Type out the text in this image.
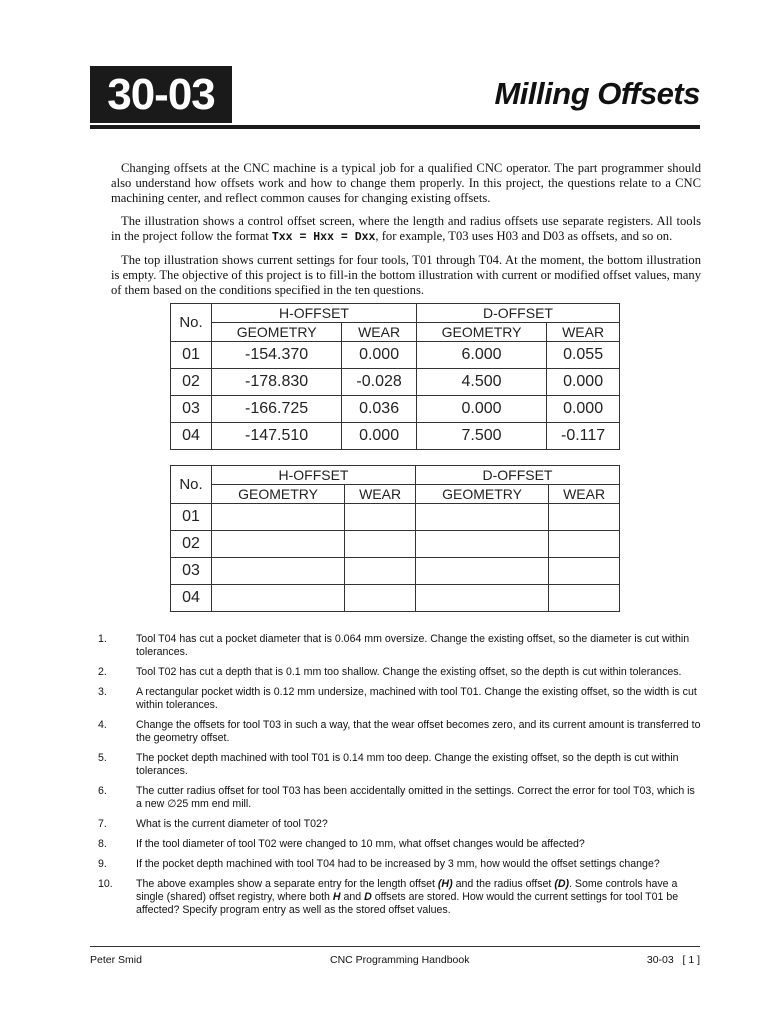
30-03	Milling Offsets

Changing offsets at the CNC machine is a typical job for a qualified CNC operator. The part programmer should also understand how offsets work and how to change them properly. In this project, the questions relate to a CNC machining center, and reflect common causes for changing existing offsets.

The illustration shows a control offset screen, where the length and radius offsets use separate registers. All tools in the project follow the format Txx = Hxx = Dxx, for example, T03 uses H03 and D03 as offsets, and so on.

The top illustration shows current settings for four tools, T01 through T04. At the moment, the bottom illustration is empty. The objective of this project is to fill-in the bottom illustration with current or modified offset values, many of them based on the conditions specified in the ten questions.

No.	H-OFFSET		D-OFFSET	
	GEOMETRY	WEAR	GEOMETRY	WEAR
01	-154.370	0.000	6.000	0.055
02	-178.830	-0.028	4.500	0.000
03	-166.725	0.036	0.000	0.000
04	-147.510	0.000	7.500	-0.117
No.	H-OFFSET		D-OFFSET	
	GEOMETRY	WEAR	GEOMETRY	WEAR
01				
02				
03				
04				
1.	Tool T04 has cut a pocket diameter that is 0.064 mm oversize. Change the existing offset, so the diameter is cut within tolerances.
2.	Tool T02 has cut a depth that is 0.1 mm too shallow. Change the existing offset, so the depth is cut within tolerances.
3.	A rectangular pocket width is 0.12 mm undersize, machined with tool T01. Change the existing offset, so the width is cut within tolerances.
4.	Change the offsets for tool T03 in such a way, that the wear offset becomes zero, and its current amount is transferred to the geometry offset.
5.	The pocket depth machined with tool T01 is 0.14 mm too deep. Change the existing offset, so the depth is cut within tolerances.
6.	The cutter radius offset for tool T03 has been accidentally omitted in the settings. Correct the error for tool T03, which is a new ∅25 mm end mill.
7.	What is the current diameter of tool T02?
8.	If the tool diameter of tool T02 were changed to 10 mm, what offset changes would be affected?
9.	If the pocket depth machined with tool T04 had to be increased by 3 mm, how would the offset settings change?
10.	The above examples show a separate entry for the length offset (H) and the radius offset (D). Some controls have a single (shared) offset registry, where both H and D offsets are stored. How would the current settings for tool T01 be affected? Specify program entry as well as the stored offset values.
Peter Smid	CNC Programming Handbook	30-03   [ 1 ]
